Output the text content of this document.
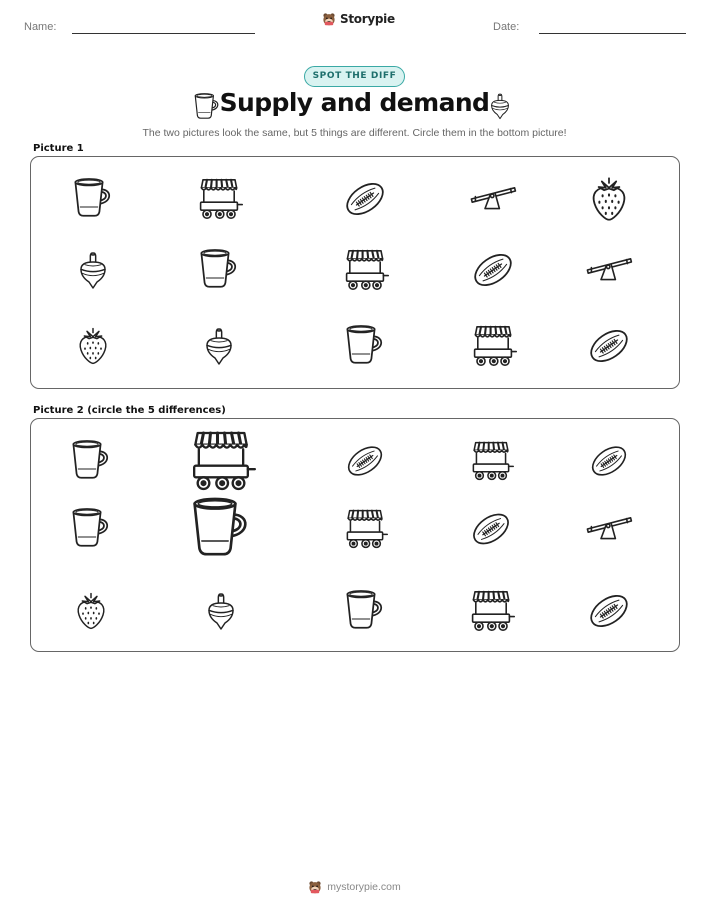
Name:
Storypie
Date:
SPOT THE DIFF
Supply and demand
The two pictures look the same, but 5 things are different. Circle them in the bottom picture!
Picture 1
Picture 2 (circle the 5 differences)
mystorypie.com
